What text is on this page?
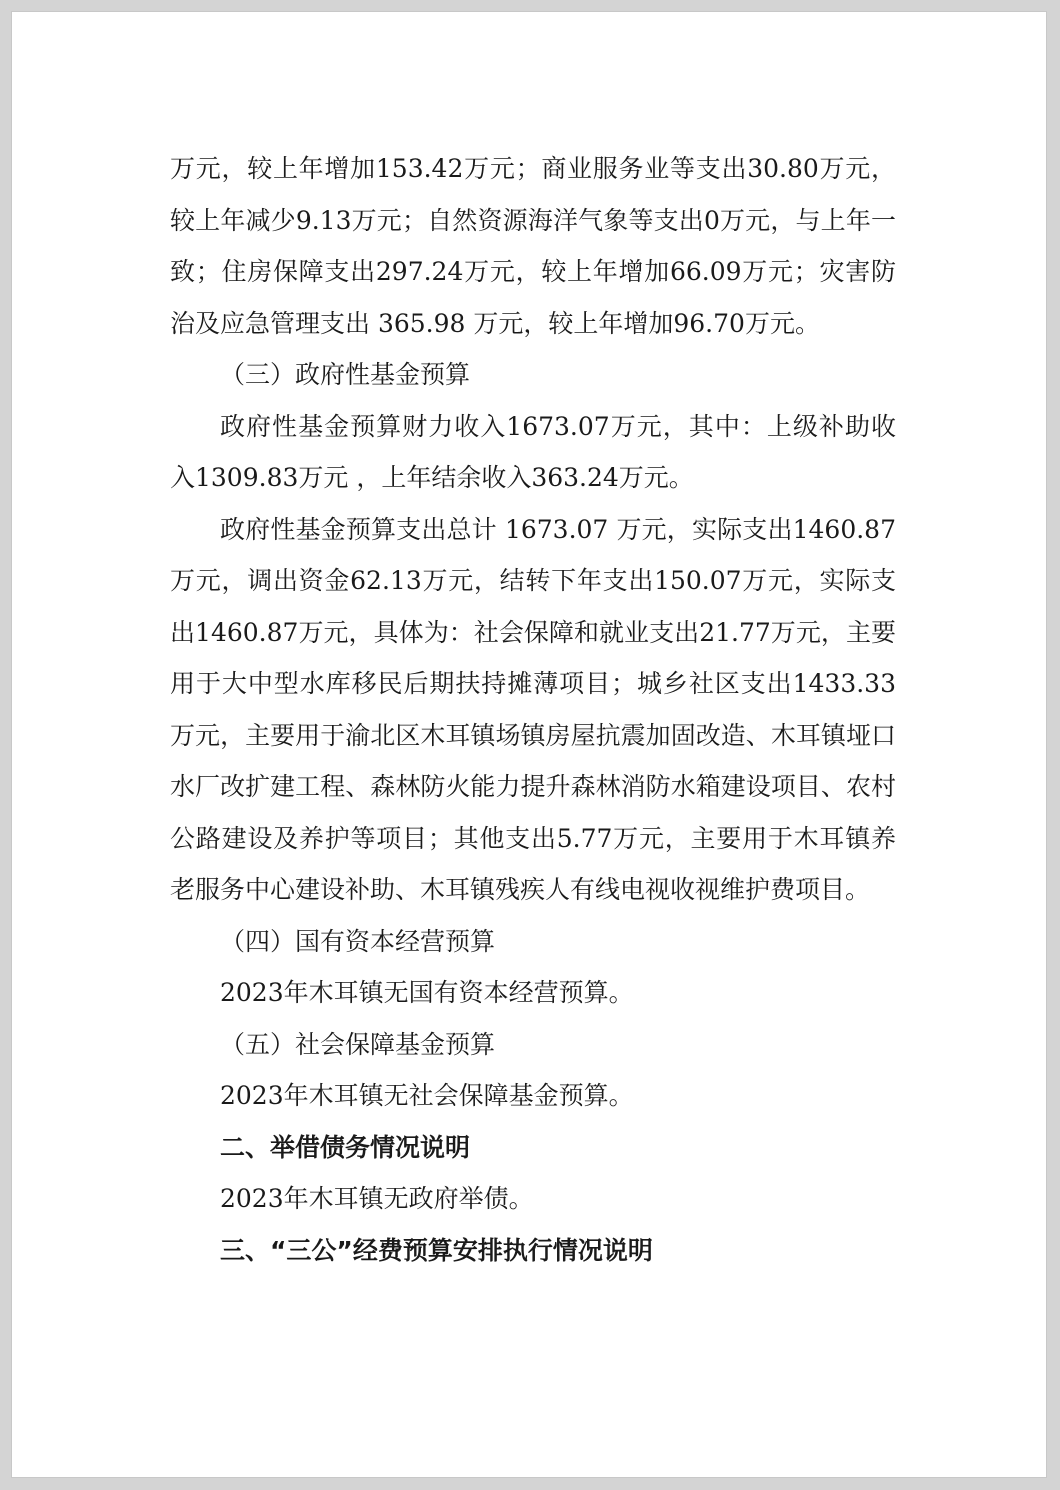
万元，较上年增加153.42万元；商业服务业等支出30.80万元，较上年减少9.13万元；自然资源海洋气象等支出0万元，与上年一致；住房保障支出297.24万元，较上年增加66.09万元；灾害防治及应急管理支出 365.98 万元，较上年增加96.70万元。

（三）政府性基金预算

政府性基金预算财力收入1673.07万元，其中：上级补助收入1309.83万元 ，上年结余收入363.24万元。

政府性基金预算支出总计 1673.07 万元，实际支出1460.87万元，调出资金62.13万元，结转下年支出150.07万元，实际支出1460.87万元，具体为：社会保障和就业支出21.77万元，主要用于大中型水库移民后期扶持摊薄项目；城乡社区支出1433.33万元，主要用于渝北区木耳镇场镇房屋抗震加固改造、木耳镇垭口水厂改扩建工程、森林防火能力提升森林消防水箱建设项目、农村公路建设及养护等项目；其他支出5.77万元，主要用于木耳镇养老服务中心建设补助、木耳镇残疾人有线电视收视维护费项目。

（四）国有资本经营预算

2023年木耳镇无国有资本经营预算。

（五）社会保障基金预算

2023年木耳镇无社会保障基金预算。

二、举借债务情况说明

2023年木耳镇无政府举债。

三、“三公”经费预算安排执行情况说明
